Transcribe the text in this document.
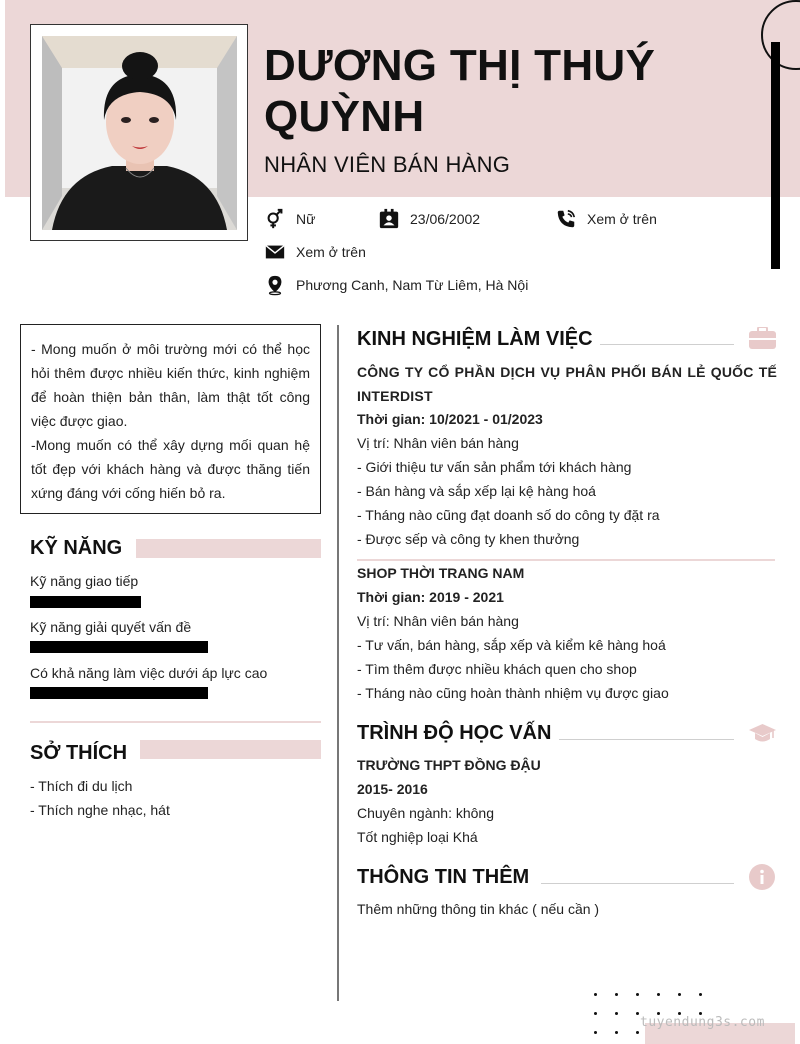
DƯƠNG THỊ THUÝ QUỲNH
NHÂN VIÊN BÁN HÀNG
Nữ	23/06/2002	Xem ở trên
Xem ở trên
Phương Canh, Nam Từ Liêm, Hà Nội

- Mong muốn ở môi trường mới có thể học hỏi thêm được nhiều kiến thức, kinh nghiệm để hoàn thiện bản thân, làm thật tốt công việc được giao.

-Mong muốn có thể xây dựng mối quan hệ tốt đẹp với khách hàng và được thăng tiến xứng đáng với cống hiến bỏ ra.

KỸ NĂNG
Kỹ năng giao tiếp
Kỹ năng giải quyết vấn đề
Có khả năng làm việc dưới áp lực cao
SỞ THÍCH
- Thích đi du lịch
- Thích nghe nhạc, hát
KINH NGHIỆM LÀM VIỆC
CÔNG TY CỔ PHẦN DỊCH VỤ PHÂN PHỐI BÁN LẺ QUỐC TẾ INTERDIST
Thời gian: 10/2021 - 01/2023
Vị trí: Nhân viên bán hàng
- Giới thiệu tư vấn sản phẩm tới khách hàng
- Bán hàng và sắp xếp lại kệ hàng hoá
- Tháng nào cũng đạt doanh số do công ty đặt ra
- Được sếp và công ty khen thưởng
SHOP THỜI TRANG NAM
Thời gian: 2019 - 2021
Vị trí: Nhân viên bán hàng
- Tư vấn, bán hàng, sắp xếp và kiểm kê hàng hoá
- Tìm thêm được nhiều khách quen cho shop
- Tháng nào cũng hoàn thành nhiệm vụ được giao
TRÌNH ĐỘ HỌC VẤN
TRƯỜNG THPT ĐỒNG ĐẬU
2015- 2016
Chuyên ngành: không
Tốt nghiệp loại Khá
THÔNG TIN THÊM
Thêm những thông tin khác ( nếu cần )
tuyendung3s.com
